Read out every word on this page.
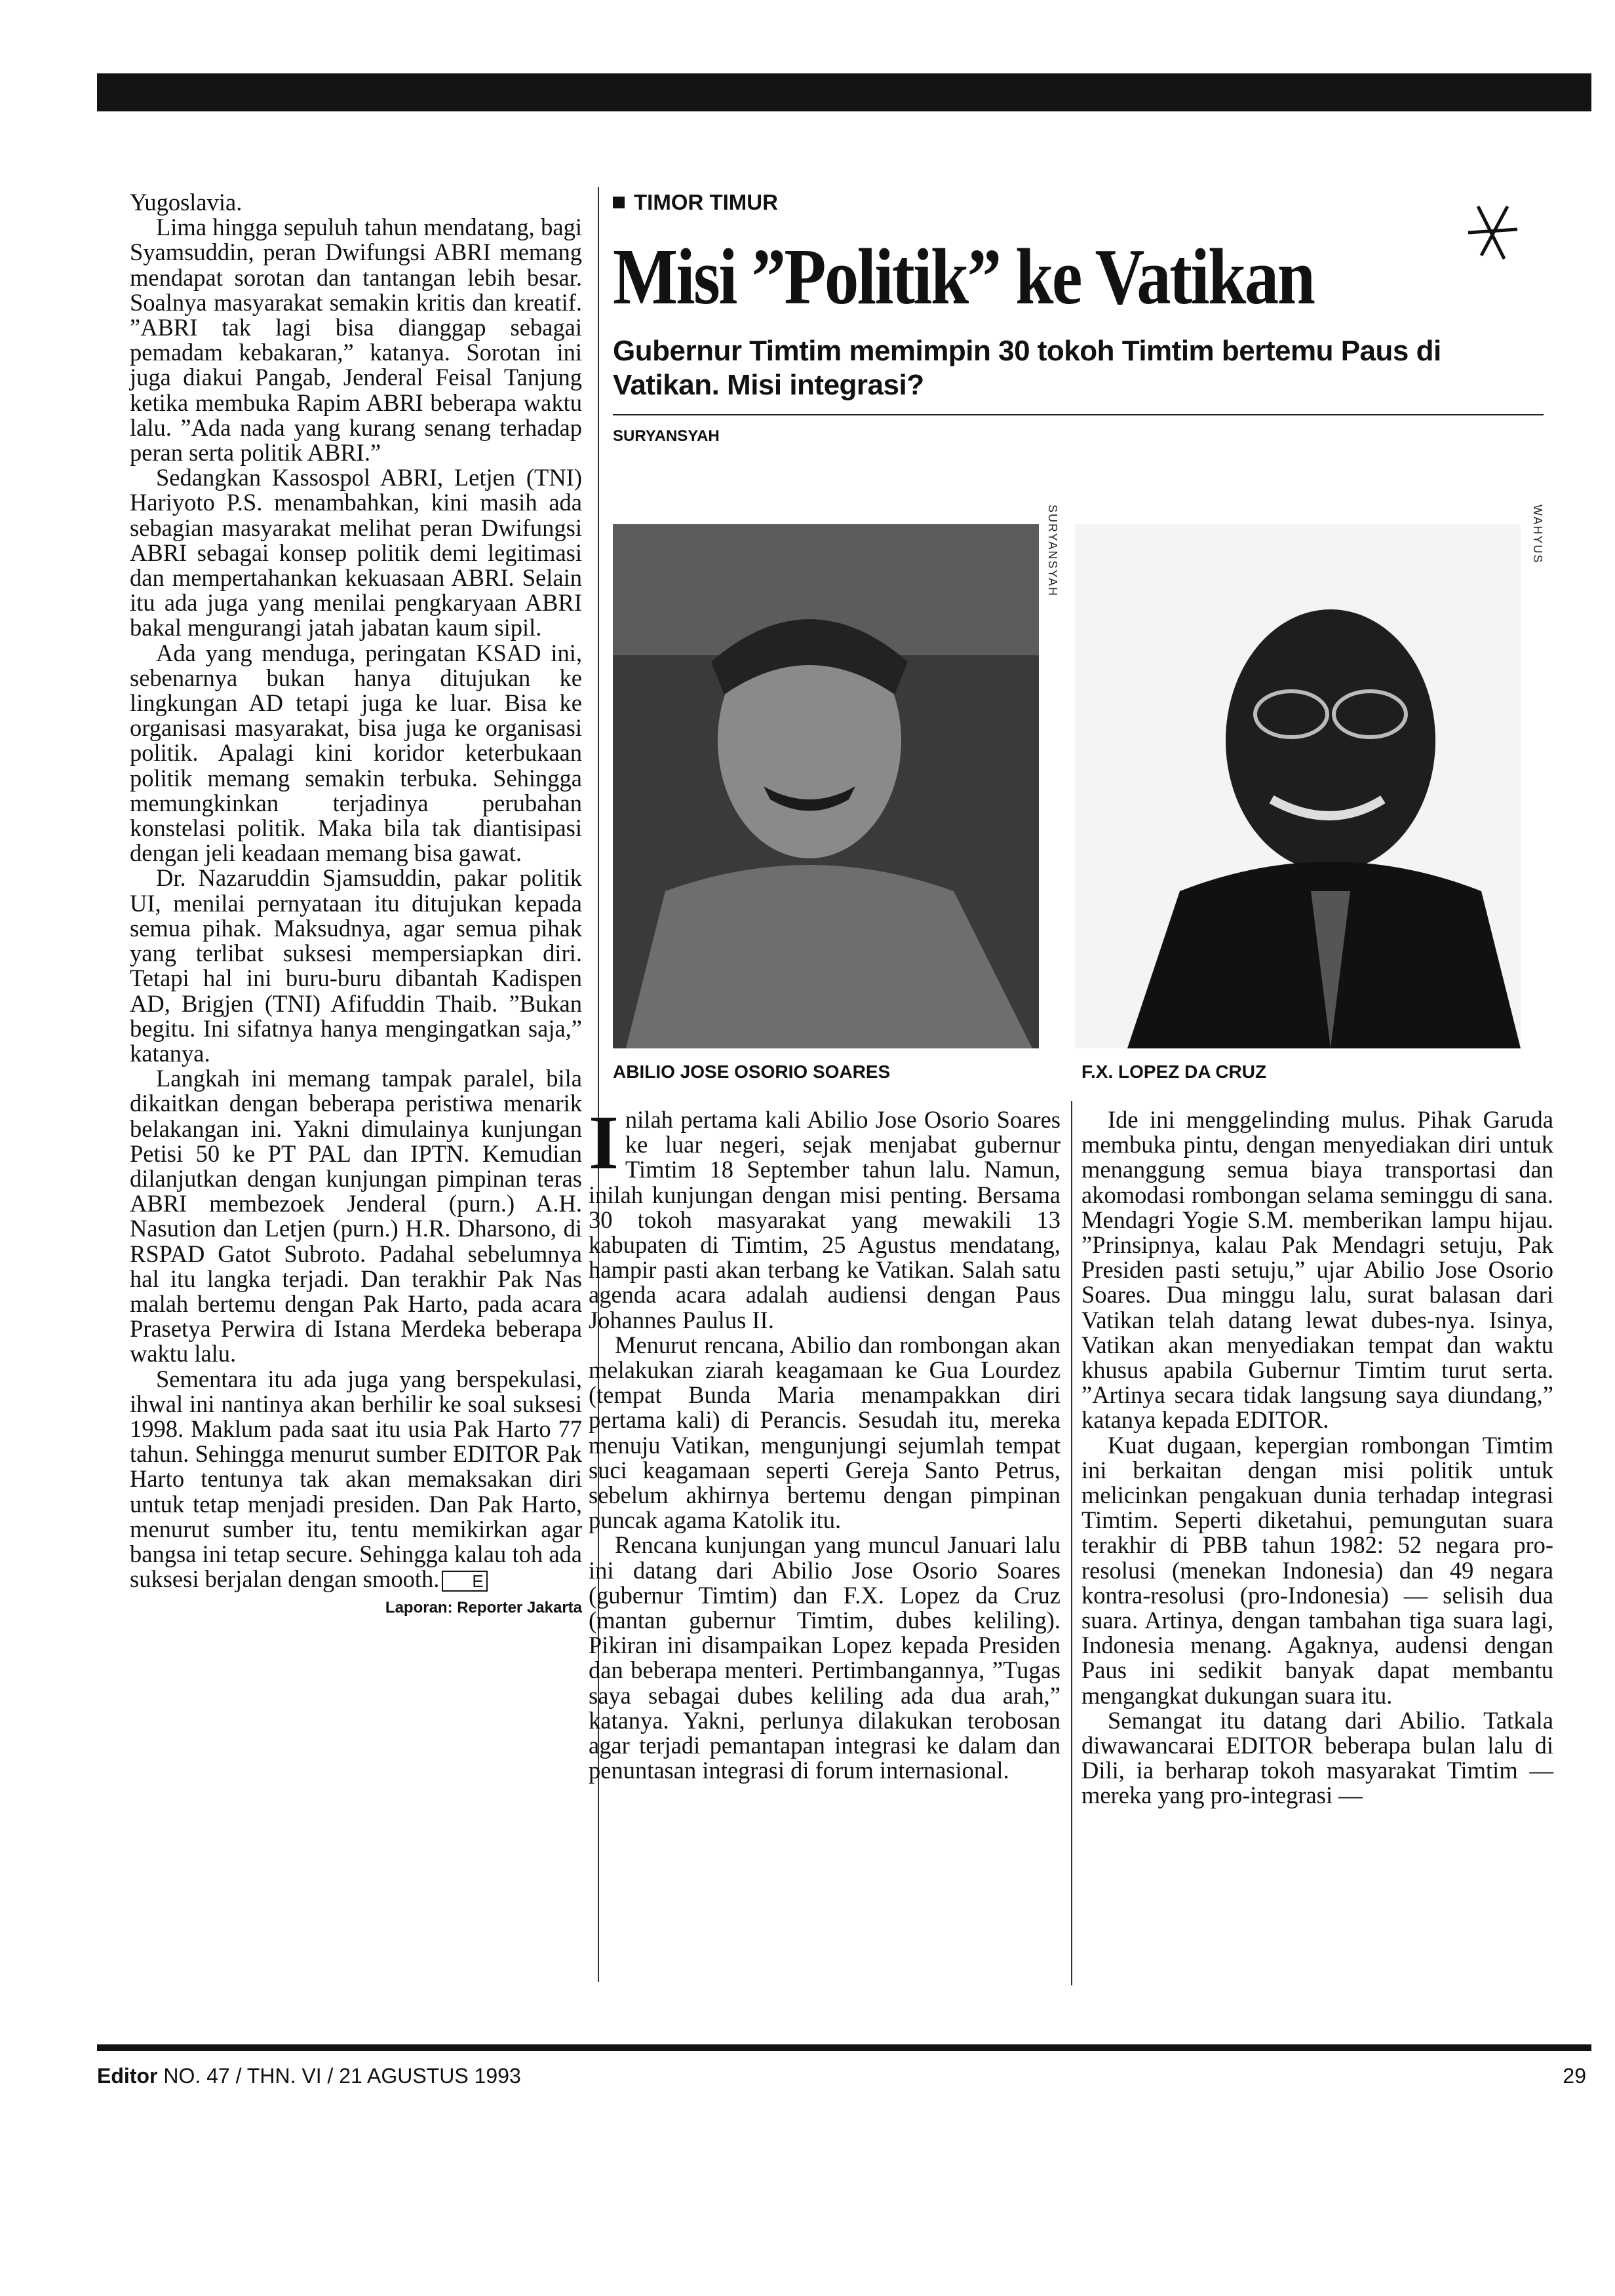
Yugoslavia.

Lima hingga sepuluh tahun mendatang, bagi Syamsuddin, peran Dwifungsi ABRI memang mendapat sorotan dan tantangan lebih besar. Soalnya masyarakat semakin kritis dan kreatif. ”ABRI tak lagi bisa dianggap sebagai pemadam kebakaran,” katanya. Sorotan ini juga diakui Pangab, Jenderal Feisal Tanjung ketika membuka Rapim ABRI beberapa waktu lalu. ”Ada nada yang kurang senang terhadap peran serta politik ABRI.”

Sedangkan Kassospol ABRI, Letjen (TNI) Hariyoto P.S. menambahkan, kini masih ada sebagian masyarakat melihat peran Dwifungsi ABRI sebagai konsep politik demi legitimasi dan mempertahankan kekuasaan ABRI. Selain itu ada juga yang menilai pengkaryaan ABRI bakal mengurangi jatah jabatan kaum sipil.

Ada yang menduga, peringatan KSAD ini, sebenarnya bukan hanya ditujukan ke lingkungan AD tetapi juga ke luar. Bisa ke organisasi masyarakat, bisa juga ke organisasi politik. Apalagi kini koridor keterbukaan politik memang semakin terbuka. Sehingga memungkinkan terjadinya perubahan konstelasi politik. Maka bila tak diantisipasi dengan jeli keadaan memang bisa gawat.

Dr. Nazaruddin Sjamsuddin, pakar politik UI, menilai pernyataan itu ditujukan kepada semua pihak. Maksudnya, agar semua pihak yang terlibat suksesi mempersiapkan diri. Tetapi hal ini buru-buru dibantah Kadispen AD, Brigjen (TNI) Afifuddin Thaib. ”Bukan begitu. Ini sifatnya hanya mengingatkan saja,” katanya.

Langkah ini memang tampak paralel, bila dikaitkan dengan beberapa peristiwa menarik belakangan ini. Yakni dimulainya kunjungan Petisi 50 ke PT PAL dan IPTN. Kemudian dilanjutkan dengan kunjungan pimpinan teras ABRI membezoek Jenderal (purn.) A.H. Nasution dan Letjen (purn.) H.R. Dharsono, di RSPAD Gatot Subroto. Padahal sebelumnya hal itu langka terjadi. Dan terakhir Pak Nas malah bertemu dengan Pak Harto, pada acara Prasetya Perwira di Istana Merdeka beberapa waktu lalu.

Sementara itu ada juga yang berspekulasi, ihwal ini nantinya akan berhilir ke soal suksesi 1998. Maklum pada saat itu usia Pak Harto 77 tahun. Sehingga menurut sumber EDITOR Pak Harto tentunya tak akan memaksakan diri untuk tetap menjadi presiden. Dan Pak Harto, menurut sumber itu, tentu memikirkan agar bangsa ini tetap secure. Sehingga kalau toh ada suksesi berjalan dengan smooth. E

Laporan: Reporter Jakarta
TIMOR TIMUR
Misi ”Politik” ke Vatikan
Gubernur Timtim memimpin 30 tokoh Timtim bertemu Paus di Vatikan. Misi integrasi?
SURYANSYAH
SURYANSYAH	WAHYUS
ABILIO JOSE OSORIO SOARES	F.X. LOPEZ DA CRUZ

Inilah pertama kali Abilio Jose Osorio Soares ke luar negeri, sejak menjabat gubernur Timtim 18 September tahun lalu. Namun, inilah kunjungan dengan misi penting. Bersama 30 tokoh masyarakat yang mewakili 13 kabupaten di Timtim, 25 Agustus mendatang, hampir pasti akan terbang ke Vatikan. Salah satu agenda acara adalah audiensi dengan Paus Johannes Paulus II.

Menurut rencana, Abilio dan rombongan akan melakukan ziarah keagamaan ke Gua Lourdez (tempat Bunda Maria menampakkan diri pertama kali) di Perancis. Sesudah itu, mereka menuju Vatikan, mengunjungi sejumlah tempat suci keagamaan seperti Gereja Santo Petrus, sebelum akhirnya bertemu dengan pimpinan puncak agama Katolik itu.

Rencana kunjungan yang muncul Januari lalu ini datang dari Abilio Jose Osorio Soares (gubernur Timtim) dan F.X. Lopez da Cruz (mantan gubernur Timtim, dubes keliling). Pikiran ini disampaikan Lopez kepada Presiden dan beberapa menteri. Pertimbangannya, ”Tugas saya sebagai dubes keliling ada dua arah,” katanya. Yakni, perlunya dilakukan terobosan agar terjadi pemantapan integrasi ke dalam dan penuntasan integrasi di forum internasional.

Ide ini menggelinding mulus. Pihak Garuda membuka pintu, dengan menyediakan diri untuk menanggung semua biaya transportasi dan akomodasi rombongan selama seminggu di sana. Mendagri Yogie S.M. memberikan lampu hijau. ”Prinsipnya, kalau Pak Mendagri setuju, Pak Presiden pasti setuju,” ujar Abilio Jose Osorio Soares. Dua minggu lalu, surat balasan dari Vatikan telah datang lewat dubes-nya. Isinya, Vatikan akan menyediakan tempat dan waktu khusus apabila Gubernur Timtim turut serta. ”Artinya secara tidak langsung saya diundang,” katanya kepada EDITOR.

Kuat dugaan, kepergian rombongan Timtim ini berkaitan dengan misi politik untuk melicinkan pengakuan dunia terhadap integrasi Timtim. Seperti diketahui, pemungutan suara terakhir di PBB tahun 1982: 52 negara pro-resolusi (menekan Indonesia) dan 49 negara kontra-resolusi (pro-Indonesia) — selisih dua suara. Artinya, dengan tambahan tiga suara lagi, Indonesia menang. Agaknya, audensi dengan Paus ini sedikit banyak dapat membantu mengangkat dukungan suara itu.

Semangat itu datang dari Abilio. Tatkala diwawancarai EDITOR beberapa bulan lalu di Dili, ia berharap tokoh masyarakat Timtim — mereka yang pro-integrasi —

Editor NO. 47 / THN. VI / 21 AGUSTUS 1993	29
